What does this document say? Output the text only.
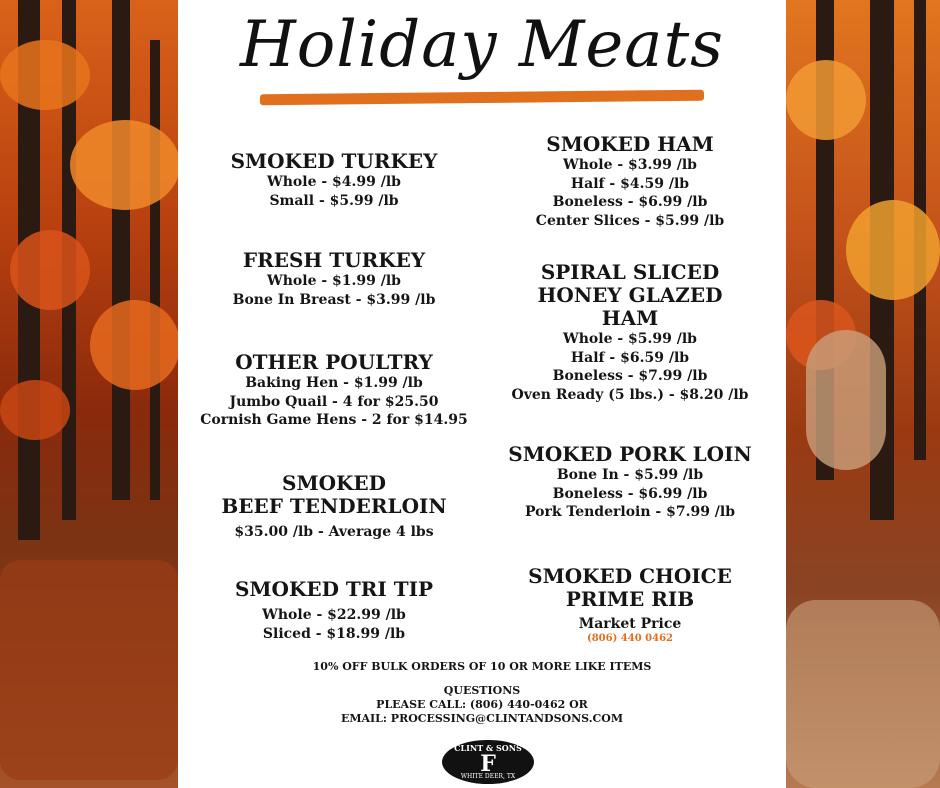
Holiday Meats
SMOKED TURKEY
Whole - $4.99 /lb
Small - $5.99 /lb
FRESH TURKEY
Whole - $1.99 /lb
Bone In Breast - $3.99 /lb
OTHER POULTRY
Baking Hen - $1.99 /lb
Jumbo Quail - 4 for $25.50
Cornish Game Hens - 2 for $14.95
SMOKED
BEEF TENDERLOIN
$35.00 /lb - Average 4 lbs
SMOKED TRI TIP
Whole - $22.99 /lb
Sliced - $18.99 /lb
SMOKED HAM
Whole - $3.99 /lb
Half - $4.59 /lb
Boneless - $6.99 /lb
Center Slices - $5.99 /lb
SPIRAL SLICED
HONEY GLAZED
HAM
Whole - $5.99 /lb
Half - $6.59 /lb
Boneless - $7.99 /lb
Oven Ready (5 lbs.) - $8.20 /lb
SMOKED PORK LOIN
Bone In - $5.99 /lb
Boneless - $6.99 /lb
Pork Tenderloin - $7.99 /lb
SMOKED CHOICE
PRIME RIB
Market Price
(806) 440 0462
10% OFF BULK ORDERS OF 10 OR MORE LIKE ITEMS
QUESTIONS
PLEASE CALL: (806) 440-0462 OR
EMAIL: PROCESSING@CLINTANDSONS.COM
CLINT & SONS
F
WHITE DEER, TX
